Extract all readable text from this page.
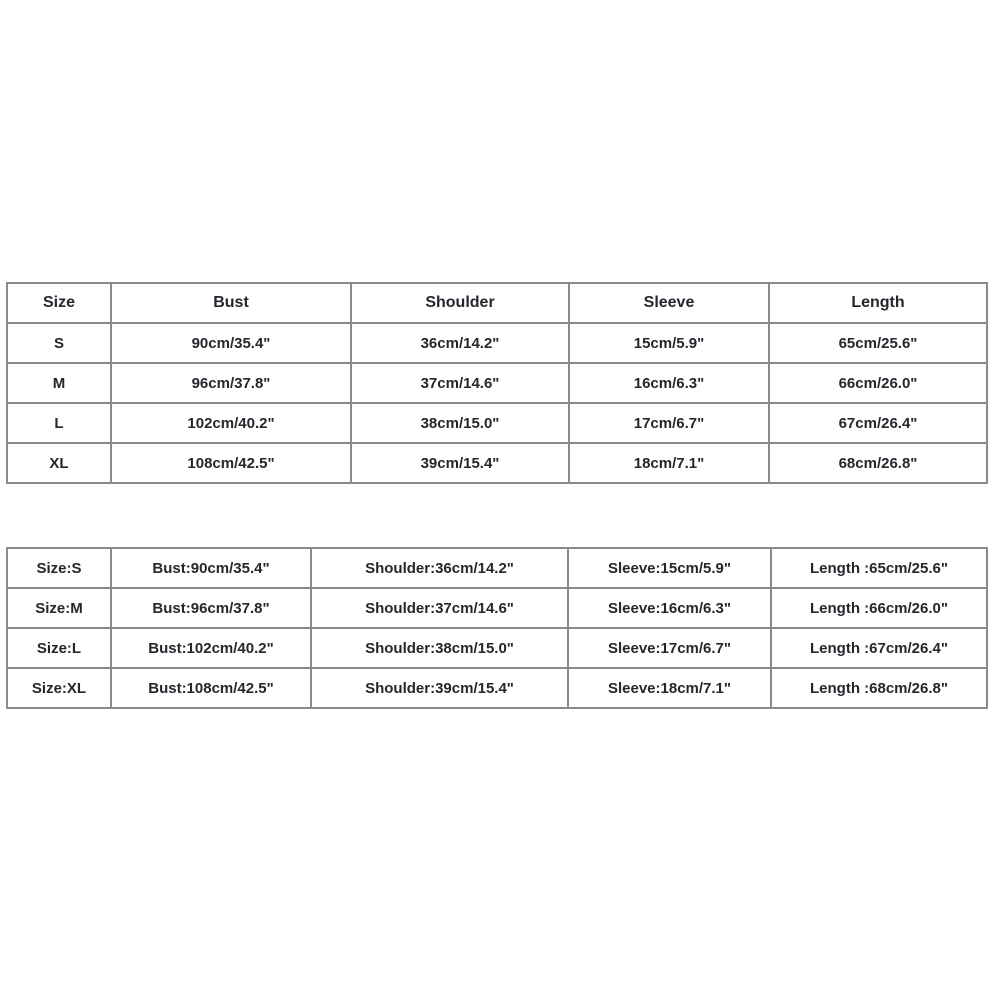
Size	Bust	Shoulder	Sleeve	Length
S	90cm/35.4"	36cm/14.2"	15cm/5.9"	65cm/25.6"
M	96cm/37.8"	37cm/14.6"	16cm/6.3"	66cm/26.0"
L	102cm/40.2"	38cm/15.0"	17cm/6.7"	67cm/26.4"
XL	108cm/42.5"	39cm/15.4"	18cm/7.1"	68cm/26.8"
Size:S	Bust:90cm/35.4"	Shoulder:36cm/14.2"	Sleeve:15cm/5.9"	Length :65cm/25.6"
Size:M	Bust:96cm/37.8"	Shoulder:37cm/14.6"	Sleeve:16cm/6.3"	Length :66cm/26.0"
Size:L	Bust:102cm/40.2"	Shoulder:38cm/15.0"	Sleeve:17cm/6.7"	Length :67cm/26.4"
Size:XL	Bust:108cm/42.5"	Shoulder:39cm/15.4"	Sleeve:18cm/7.1"	Length :68cm/26.8"
